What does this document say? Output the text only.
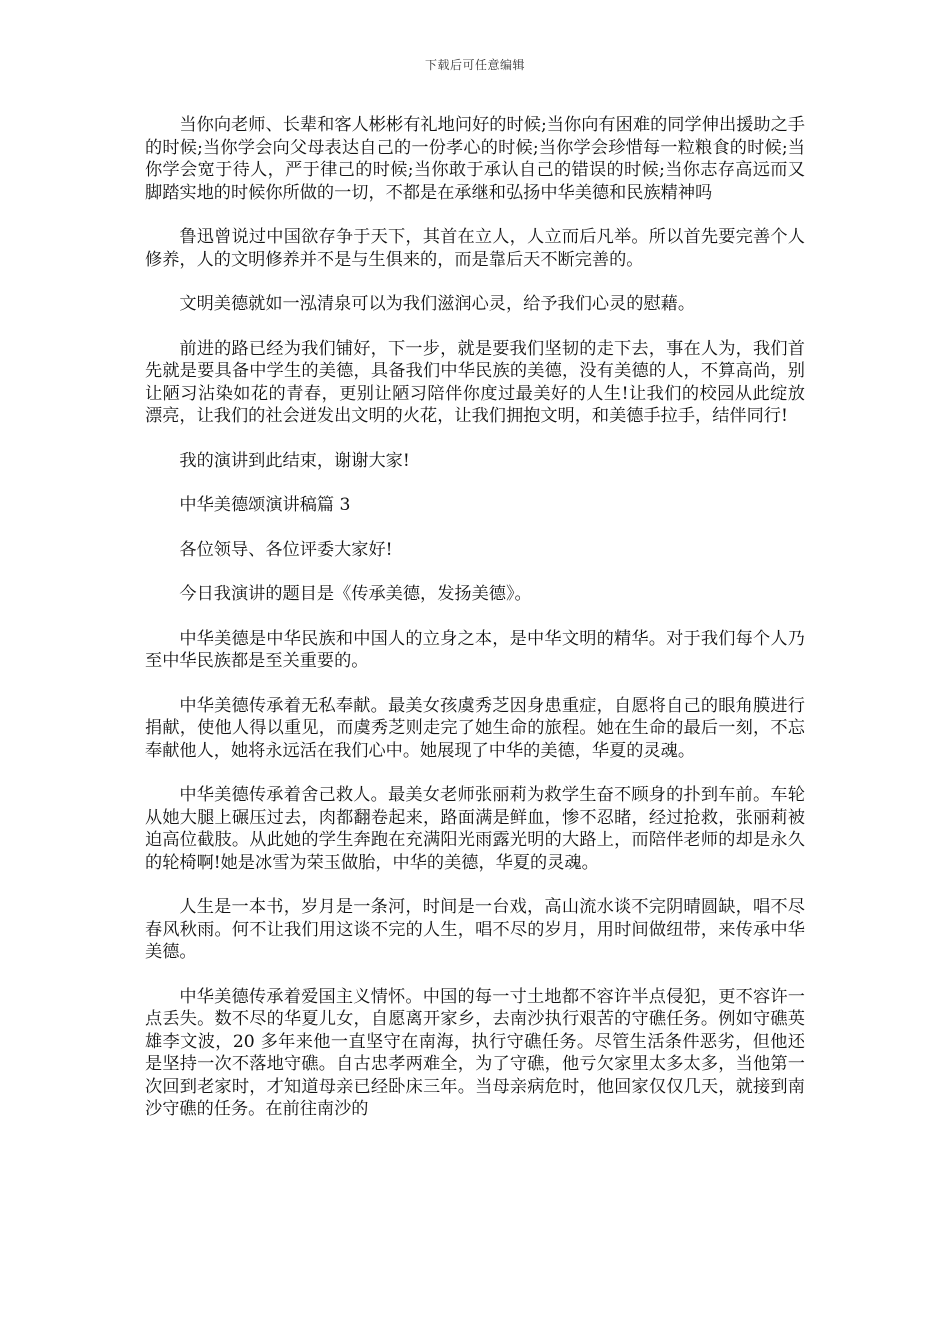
下载后可任意编辑

当你向老师、长辈和客人彬彬有礼地问好的时候;当你向有困难的同学伸出援助之手的时候;当你学会向父母表达自己的一份孝心的时候;当你学会珍惜每一粒粮食的时候;当你学会宽于待人，严于律己的时候;当你敢于承认自己的错误的时候;当你志存高远而又脚踏实地的时候你所做的一切，不都是在承继和弘扬中华美德和民族精神吗

鲁迅曾说过中国欲存争于天下，其首在立人，人立而后凡举。所以首先要完善个人修养，人的文明修养并不是与生俱来的，而是靠后天不断完善的。

文明美德就如一泓清泉可以为我们滋润心灵，给予我们心灵的慰藉。

前进的路已经为我们铺好，下一步，就是要我们坚韧的走下去，事在人为，我们首先就是要具备中学生的美德，具备我们中华民族的美德，没有美德的人，不算高尚，别让陋习沾染如花的青春，更别让陋习陪伴你度过最美好的人生!让我们的校园从此绽放漂亮，让我们的社会迸发出文明的火花，让我们拥抱文明，和美德手拉手，结伴同行!

我的演讲到此结束，谢谢大家!

中华美德颂演讲稿篇 3

各位领导、各位评委大家好!

今日我演讲的题目是《传承美德，发扬美德》。

中华美德是中华民族和中国人的立身之本，是中华文明的精华。对于我们每个人乃至中华民族都是至关重要的。

中华美德传承着无私奉献。最美女孩虞秀芝因身患重症，自愿将自己的眼角膜进行捐献，使他人得以重见，而虞秀芝则走完了她生命的旅程。她在生命的最后一刻，不忘奉献他人，她将永远活在我们心中。她展现了中华的美德，华夏的灵魂。

中华美德传承着舍己救人。最美女老师张丽莉为救学生奋不顾身的扑到车前。车轮从她大腿上碾压过去，肉都翻卷起来，路面满是鲜血，惨不忍睹，经过抢救，张丽莉被迫高位截肢。从此她的学生奔跑在充满阳光雨露光明的大路上，而陪伴老师的却是永久的轮椅啊!她是冰雪为荣玉做胎，中华的美德，华夏的灵魂。

人生是一本书，岁月是一条河，时间是一台戏，高山流水谈不完阴晴圆缺，唱不尽春风秋雨。何不让我们用这谈不完的人生，唱不尽的岁月，用时间做纽带，来传承中华美德。

中华美德传承着爱国主义情怀。中国的每一寸土地都不容许半点侵犯，更不容许一点丢失。数不尽的华夏儿女，自愿离开家乡，去南沙执行艰苦的守礁任务。例如守礁英雄李文波，20 多年来他一直坚守在南海，执行守礁任务。尽管生活条件恶劣，但他还是坚持一次不落地守礁。自古忠孝两难全，为了守礁，他亏欠家里太多太多，当他第一次回到老家时，才知道母亲已经卧床三年。当母亲病危时，他回家仅仅几天，就接到南沙守礁的任务。在前往南沙的
